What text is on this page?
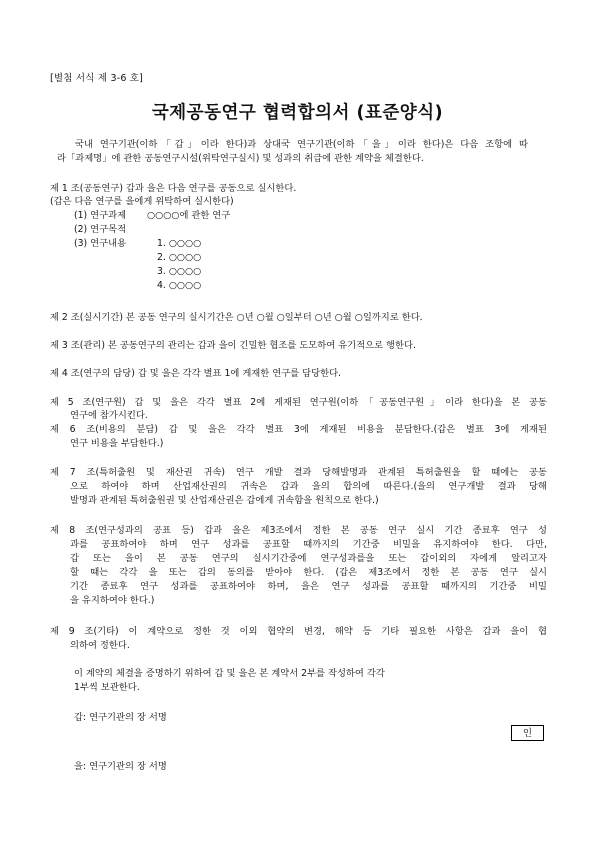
[별첨 서식 제 3-6 호]
국제공동연구 협력합의서 (표준양식)
국내 연구기관(이하「갑」이라 한다)과 상대국 연구기관(이하「을」이라 한다)은 다음 조항에 따
라「과제명」에 관한 공동연구시설(위탁연구실시) 및 성과의 취급에 관한 계약을 체결한다.
제 1 조(공동연구) 갑과 을은 다음 연구를 공동으로 실시한다.
(갑은 다음 연구를 을에게 위탁하여 실시한다)
(1) 연구과제 ○○○○에 관한 연구
(2) 연구목적
(3) 연구내용	1. ○○○○
2. ○○○○
3. ○○○○
4. ○○○○
제 2 조(실시기간) 본 공동 연구의 실시기간은 ○년 ○월 ○일부터 ○년 ○월 ○일까지로 한다.
제 3 조(관리) 본 공동연구의 관리는 갑과 을이 긴밀한 협조를 도모하여 유기적으로 행한다.
제 4 조(연구의 담당) 갑 및 을은 각각 별표 1에 게재한 연구를 담당한다.
제 5 조(연구원) 갑 및 을은 각각 별표 2에 게재된 연구원(이하「공동연구원」이라 한다)을 본 공동
연구에 참가시킨다.
제 6 조(비용의 분담) 갑 및 을은 각각 별표 3에 게재된 비용을 분담한다.(갑은 별표 3에 게재된
연구 비용을 부담한다.)
제 7 조(특허출원 및 재산권 귀속) 연구 개발 결과 당해발명과 관계된 특허출원을 할 때에는 공동
으로 하여야 하며 산업재산권의 귀속은 갑과 을의 합의에 따른다.(을의 연구개발 결과 당해
발명과 관계된 특허출원권 및 산업재산권은 갑에게 귀속함을 원칙으로 한다.)
제 8 조(연구성과의 공표 등) 갑과 을은 제3조에서 정한 본 공동 연구 실시 기간 종료후 연구 성
과를 공표하여야 하며 연구 성과를 공표할 때까지의 기간중 비밀을 유지하여야 한다. 다만,
갑 또는 을이 본 공동 연구의 실시기간중에 연구성과를을 또는 갑이외의 자에게 알리고자
할 때는 각각 을 또는 갑의 동의를 받아야 한다. (갑은 제3조에서 정한 본 공동 연구 실시
기간 종료후 연구 성과를 공표하여야 하며, 을은 연구 성과를 공표할 때까지의 기간중 비밀
을 유지하여야 한다.)
제 9 조(기타) 이 계약으로 정한 것 이외 협약의 변경, 해약 등 기타 필요한 사항은 갑과 을이 협
의하여 정한다.
이 계약의 체결을 증명하기 위하여 갑 및 을은 본 계약서 2부를 작성하여 각각
1부씩 보관한다.
갑: 연구기관의 장 서명
인
을: 연구기관의 장 서명
